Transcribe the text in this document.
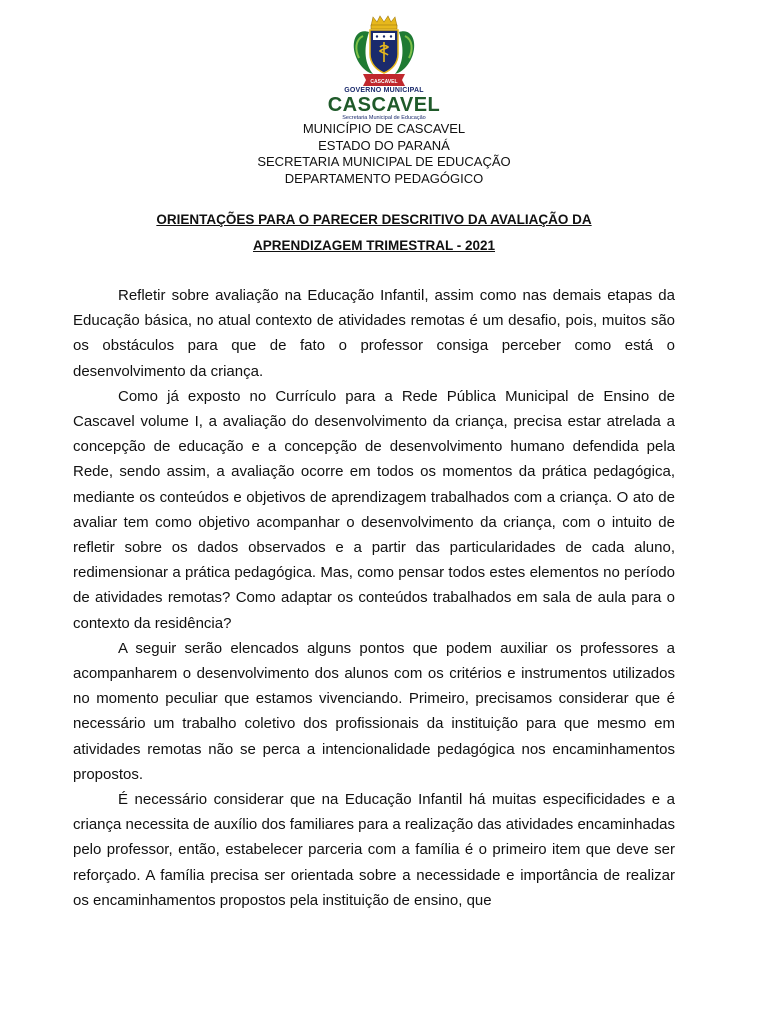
CASCAVEL
GOVERNO MUNICIPAL
CASCAVEL
Secretaria Municipal de Educação
MUNICÍPIO DE CASCAVEL
ESTADO DO PARANÁ
SECRETARIA MUNICIPAL DE EDUCAÇÃO
DEPARTAMENTO PEDAGÓGICO
ORIENTAÇÕES PARA O PARECER DESCRITIVO DA AVALIAÇÃO DA
APRENDIZAGEM TRIMESTRAL - 2021

Refletir sobre avaliação na Educação Infantil, assim como nas demais etapas da Educação básica, no atual contexto de atividades remotas é um desafio, pois, muitos são os obstáculos para que de fato o professor consiga perceber como está o desenvolvimento da criança.

Como já exposto no Currículo para a Rede Pública Municipal de Ensino de Cascavel volume I, a avaliação do desenvolvimento da criança, precisa estar atrelada a concepção de educação e a concepção de desenvolvimento humano defendida pela Rede, sendo assim, a avaliação ocorre em todos os momentos da prática pedagógica, mediante os conteúdos e objetivos de aprendizagem trabalhados com a criança. O ato de avaliar tem como objetivo acompanhar o desenvolvimento da criança, com o intuito de refletir sobre os dados observados e a partir das particularidades de cada aluno, redimensionar a prática pedagógica. Mas, como pensar todos estes elementos no período de atividades remotas? Como adaptar os conteúdos trabalhados em sala de aula para o contexto da residência?

A seguir serão elencados alguns pontos que podem auxiliar os professores a acompanharem o desenvolvimento dos alunos com os critérios e instrumentos utilizados no momento peculiar que estamos vivenciando. Primeiro, precisamos considerar que é necessário um trabalho coletivo dos profissionais da instituição para que mesmo em atividades remotas não se perca a intencionalidade pedagógica nos encaminhamentos propostos.

É necessário considerar que na Educação Infantil há muitas especificidades e a criança necessita de auxílio dos familiares para a realização das atividades encaminhadas pelo professor, então, estabelecer parceria com a família é o primeiro item que deve ser reforçado. A família precisa ser orientada sobre a necessidade e importância de realizar os encaminhamentos propostos pela instituição de ensino, que
